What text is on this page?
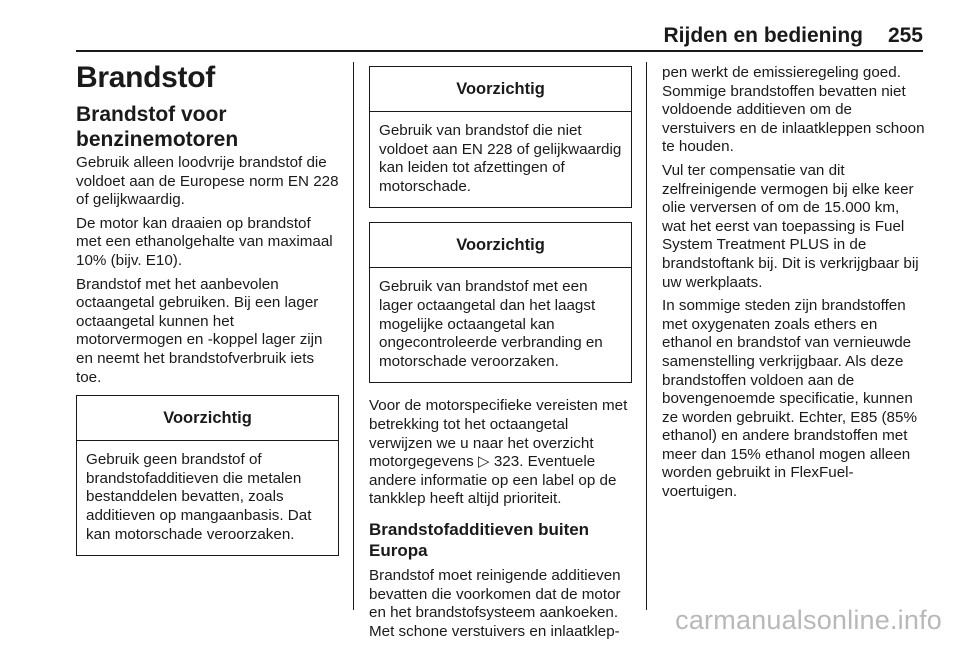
Rijden en bediening 255
Brandstof
Brandstof voor benzinemotoren

Gebruik alleen loodvrije brandstof die voldoet aan de Europese norm EN 228 of gelijkwaardig.

De motor kan draaien op brandstof met een ethanolgehalte van maximaal 10% (bijv. E10).

Brandstof met het aanbevolen octaangetal gebruiken. Bij een lager octaangetal kunnen het motorvermogen en -koppel lager zijn en neemt het brandstofverbruik iets toe.

Voorzichtig
Gebruik geen brandstof of brandstofadditieven die metalen bestanddelen bevatten, zoals additieven op mangaanbasis. Dat kan motorschade veroorzaken.
Voorzichtig
Gebruik van brandstof die niet voldoet aan EN 228 of gelijkwaardig kan leiden tot afzettingen of motorschade.
Voorzichtig
Gebruik van brandstof met een lager octaangetal dan het laagst mogelijke octaangetal kan ongecontroleerde verbranding en motorschade veroorzaken.

Voor de motorspecifieke vereisten met betrekking tot het octaangetal verwijzen we u naar het overzicht motorgegevens ▷ 323. Eventuele andere informatie op een label op de tankklep heeft altijd prioriteit.

Brandstofadditieven buiten Europa

Brandstof moet reinigende additieven bevatten die voorkomen dat de motor en het brandstofsysteem aankoeken. Met schone verstuivers en inlaatklep-

pen werkt de emissieregeling goed. Sommige brandstoffen bevatten niet voldoende additieven om de verstuivers en de inlaatkleppen schoon te houden.

Vul ter compensatie van dit zelfreinigende vermogen bij elke keer olie verversen of om de 15.000 km, wat het eerst van toepassing is Fuel System Treatment PLUS in de brandstoftank bij. Dit is verkrijgbaar bij uw werkplaats.

In sommige steden zijn brandstoffen met oxygenaten zoals ethers en ethanol en brandstof van vernieuwde samenstelling verkrijgbaar. Als deze brandstoffen voldoen aan de bovengenoemde specificatie, kunnen ze worden gebruikt. Echter, E85 (85% ethanol) en andere brandstoffen met meer dan 15% ethanol mogen alleen worden gebruikt in FlexFuel-voertuigen.

carmanualsonline.info
